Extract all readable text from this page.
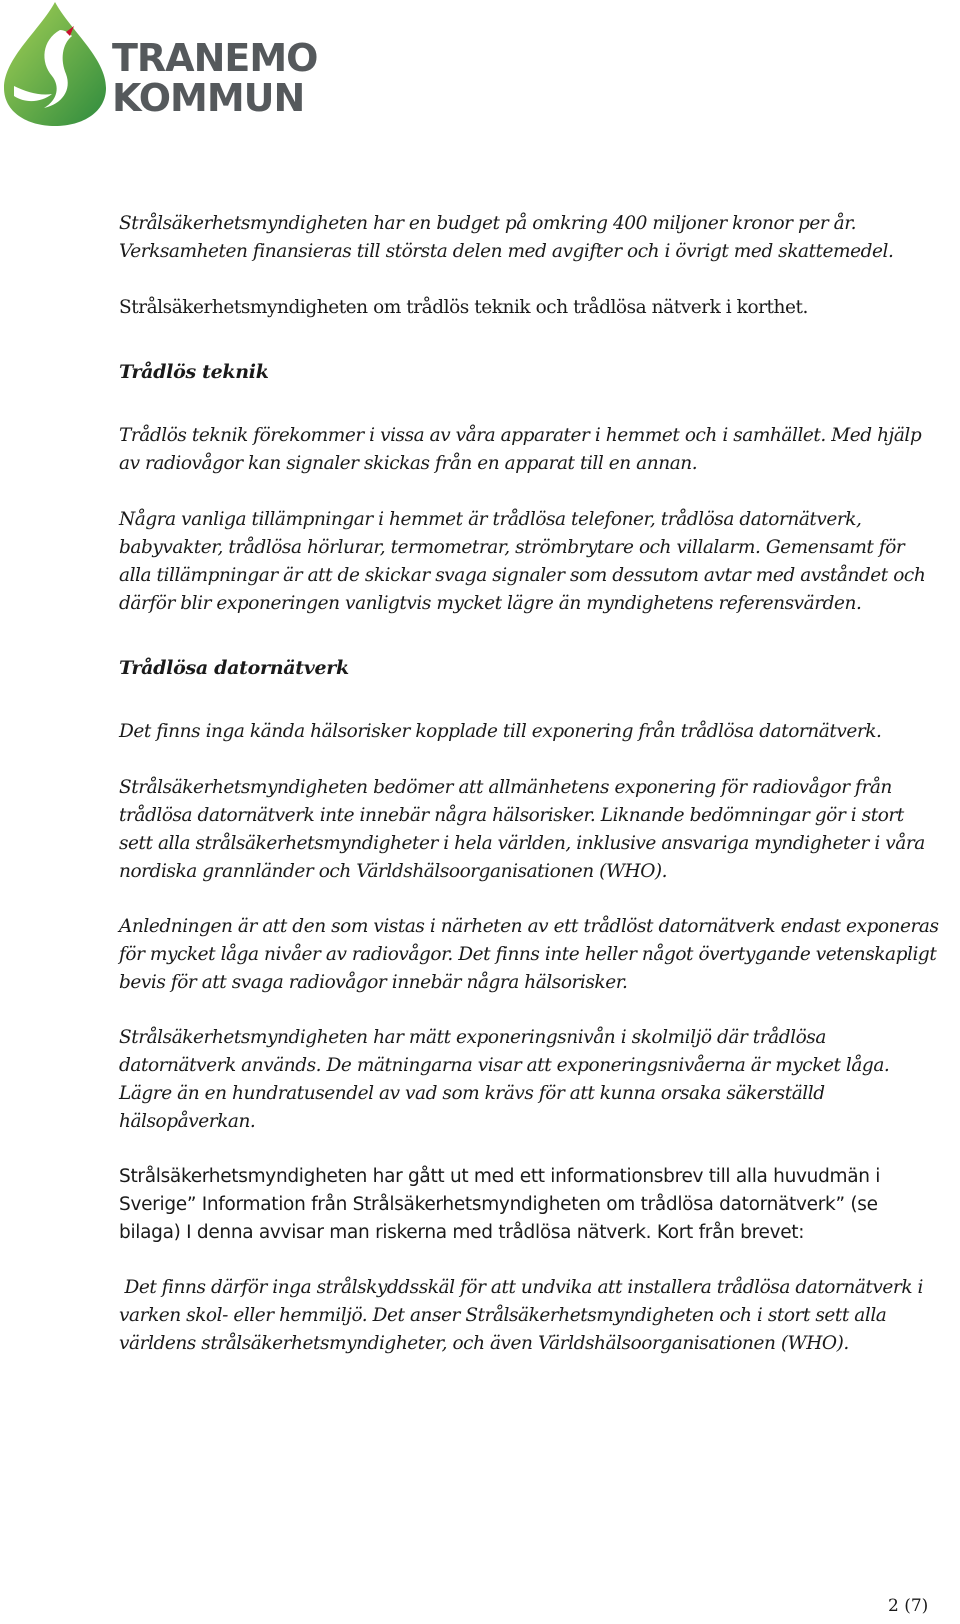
TRANEMO
KOMMUN

Strålsäkerhetsmyndigheten har en budget på omkring 400 miljoner kronor per år. Verksamheten finansieras till största delen med avgifter och i övrigt med skattemedel.

Strålsäkerhetsmyndigheten om trådlös teknik och trådlösa nätverk i korthet.

Trådlös teknik

Trådlös teknik förekommer i vissa av våra apparater i hemmet och i samhället. Med hjälp av radiovågor kan signaler skickas från en apparat till en annan.

Några vanliga tillämpningar i hemmet är trådlösa telefoner, trådlösa datornätverk, babyvakter, trådlösa hörlurar, termometrar, strömbrytare och villalarm. Gemensamt för alla tillämpningar är att de skickar svaga signaler som dessutom avtar med avståndet och därför blir exponeringen vanligtvis mycket lägre än myndighetens referensvärden.

Trådlösa datornätverk

Det finns inga kända hälsorisker kopplade till exponering från trådlösa datornätverk.

Strålsäkerhetsmyndigheten bedömer att allmänhetens exponering för radiovågor från trådlösa datornätverk inte innebär några hälsorisker. Liknande bedömningar gör i stort sett alla strålsäkerhetsmyndigheter i hela världen, inklusive ansvariga myndigheter i våra nordiska grannländer och Världshälsoorganisationen (WHO).

Anledningen är att den som vistas i närheten av ett trådlöst datornätverk endast exponeras för mycket låga nivåer av radiovågor. Det finns inte heller något övertygande vetenskapligt bevis för att svaga radiovågor innebär några hälsorisker.

Strålsäkerhetsmyndigheten har mätt exponeringsnivån i skolmiljö där trådlösa datornätverk används. De mätningarna visar att exponeringsnivåerna är mycket låga. Lägre än en hundratusendel av vad som krävs för att kunna orsaka säkerställd hälsopåverkan.

Strålsäkerhetsmyndigheten har gått ut med ett informationsbrev till alla huvudmän i Sverige” Information från Strålsäkerhetsmyndigheten om trådlösa datornätverk” (se bilaga) I denna avvisar man riskerna med trådlösa nätverk. Kort från brevet:

Det finns därför inga strålskyddsskäl för att undvika att installera trådlösa datornätverk i varken skol- eller hemmiljö. Det anser Strålsäkerhetsmyndigheten och i stort sett alla världens strålsäkerhetsmyndigheter, och även Världshälsoorganisationen (WHO).

2 (7)
